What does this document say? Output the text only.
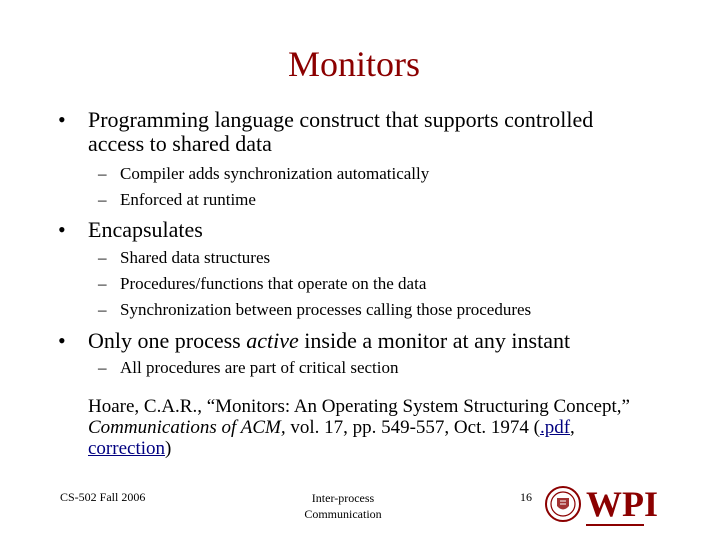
Monitors
• Programming language construct that supports controlled
access to shared data
– Compiler adds synchronization automatically
– Enforced at runtime
• Encapsulates
– Shared data structures
– Procedures/functions that operate on the data
– Synchronization between processes calling those procedures
• Only one process active inside a monitor at any instant
– All procedures are part of critical section
Hoare, C.A.R., “Monitors: An Operating System Structuring Concept,”
Communications of ACM, vol. 17, pp. 549-557, Oct. 1974 (.pdf,
correction)
CS-502 Fall 2006	Inter-process
Communication
16 WPI
